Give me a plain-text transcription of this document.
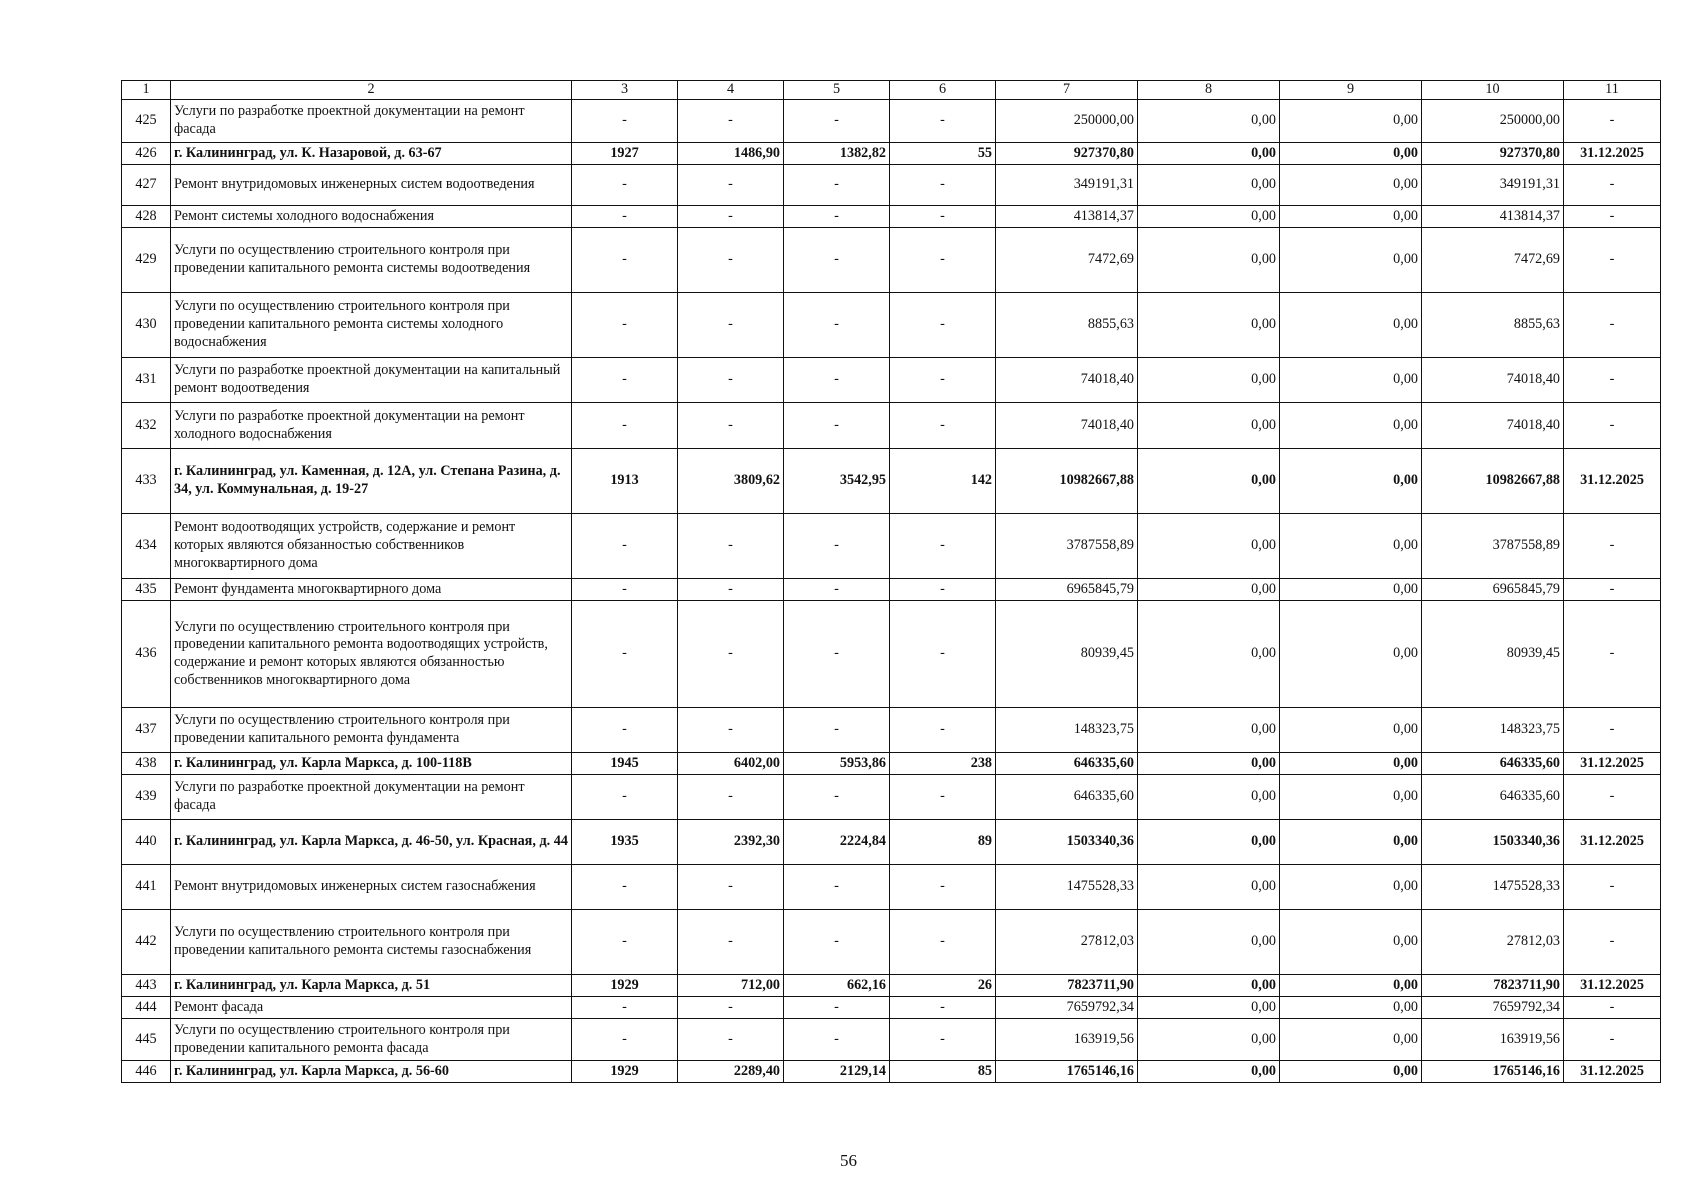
1	2	3	4	5	6	7	8	9	10	11
425	Услуги по разработке проектной документации на ремонт фасада	-	-	-	-	250000,00	0,00	0,00	250000,00	-
426	г. Калининград, ул. К. Назаровой, д. 63-67	1927	1486,90	1382,82	55	927370,80	0,00	0,00	927370,80	31.12.2025
427	Ремонт внутридомовых инженерных систем водоотведения	-	-	-	-	349191,31	0,00	0,00	349191,31	-
428	Ремонт системы холодного водоснабжения	-	-	-	-	413814,37	0,00	0,00	413814,37	-
429	Услуги по осуществлению строительного контроля при проведении капитального ремонта системы водоотведения	-	-	-	-	7472,69	0,00	0,00	7472,69	-
430	Услуги по осуществлению строительного контроля при проведении капитального ремонта системы холодного водоснабжения	-	-	-	-	8855,63	0,00	0,00	8855,63	-
431	Услуги по разработке проектной документации на капитальный ремонт водоотведения	-	-	-	-	74018,40	0,00	0,00	74018,40	-
432	Услуги по разработке проектной документации на ремонт холодного водоснабжения	-	-	-	-	74018,40	0,00	0,00	74018,40	-
433	г. Калининград, ул. Каменная, д. 12А, ул. Степана Разина, д. 34, ул. Коммунальная, д. 19-27	1913	3809,62	3542,95	142	10982667,88	0,00	0,00	10982667,88	31.12.2025
434	Ремонт водоотводящих устройств, содержание и ремонт которых являются обязанностью собственников многоквартирного дома	-	-	-	-	3787558,89	0,00	0,00	3787558,89	-
435	Ремонт фундамента многоквартирного дома	-	-	-	-	6965845,79	0,00	0,00	6965845,79	-
436	Услуги по осуществлению строительного контроля при проведении капитального ремонта водоотводящих устройств, содержание и ремонт которых являются обязанностью собственников многоквартирного дома	-	-	-	-	80939,45	0,00	0,00	80939,45	-
437	Услуги по осуществлению строительного контроля при проведении капитального ремонта фундамента	-	-	-	-	148323,75	0,00	0,00	148323,75	-
438	г. Калининград, ул. Карла Маркса, д. 100-118В	1945	6402,00	5953,86	238	646335,60	0,00	0,00	646335,60	31.12.2025
439	Услуги по разработке проектной документации на ремонт фасада	-	-	-	-	646335,60	0,00	0,00	646335,60	-
440	г. Калининград, ул. Карла Маркса, д. 46-50, ул. Красная, д. 44	1935	2392,30	2224,84	89	1503340,36	0,00	0,00	1503340,36	31.12.2025
441	Ремонт внутридомовых инженерных систем газоснабжения	-	-	-	-	1475528,33	0,00	0,00	1475528,33	-
442	Услуги по осуществлению строительного контроля при проведении капитального ремонта системы газоснабжения	-	-	-	-	27812,03	0,00	0,00	27812,03	-
443	г. Калининград, ул. Карла Маркса, д. 51	1929	712,00	662,16	26	7823711,90	0,00	0,00	7823711,90	31.12.2025
444	Ремонт фасада	-	-	-	-	7659792,34	0,00	0,00	7659792,34	-
445	Услуги по осуществлению строительного контроля при проведении капитального ремонта фасада	-	-	-	-	163919,56	0,00	0,00	163919,56	-
446	г. Калининград, ул. Карла Маркса, д. 56-60	1929	2289,40	2129,14	85	1765146,16	0,00	0,00	1765146,16	31.12.2025
56
